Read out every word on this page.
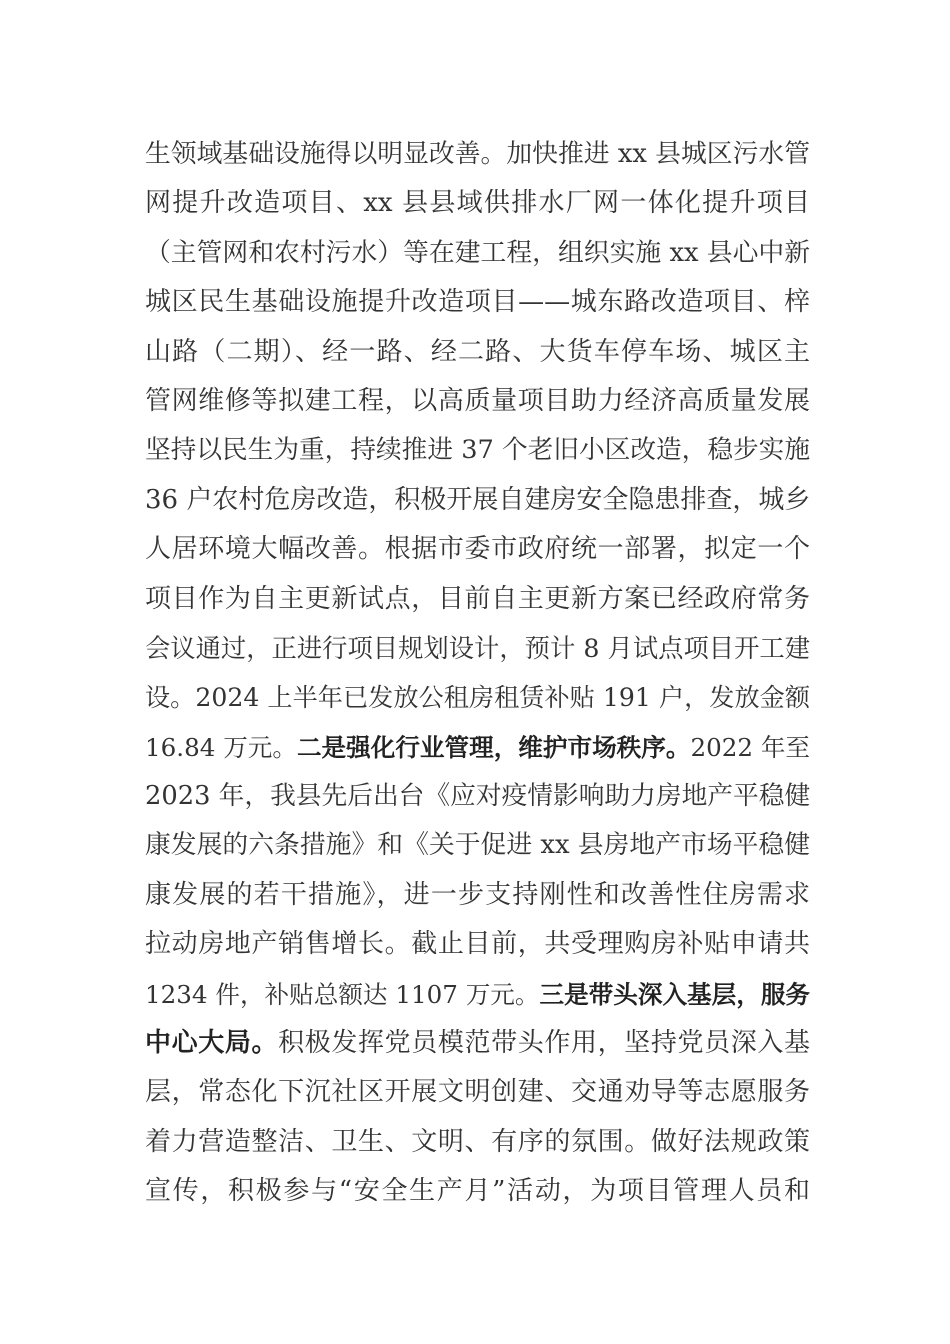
生领域基础设施得以明显改善。加快推进 xx 县城区污水管
网提升改造项目、xx 县县域供排水厂网一体化提升项目
（主管网和农村污水）等在建工程，组织实施 xx 县心中新
城区民生基础设施提升改造项目——城东路改造项目、梓
山路（二期）、经一路、经二路、大货车停车场、城区主
管网维修等拟建工程，以高质量项目助力经济高质量发展
坚持以民生为重，持续推进 37 个老旧小区改造，稳步实施
36 户农村危房改造，积极开展自建房安全隐患排查，城乡
人居环境大幅改善。根据市委市政府统一部署，拟定一个
项目作为自主更新试点，目前自主更新方案已经政府常务
会议通过，正进行项目规划设计，预计 8 月试点项目开工建
设。2024 上半年已发放公租房租赁补贴 191 户，发放金额
16.84 万元。二是强化行业管理，维护市场秩序。2022 年至
2023 年，我县先后出台《应对疫情影响助力房地产平稳健
康发展的六条措施》和《关于促进 xx 县房地产市场平稳健
康发展的若干措施》，进一步支持刚性和改善性住房需求
拉动房地产销售增长。截止目前，共受理购房补贴申请共
1234 件，补贴总额达 1107 万元。三是带头深入基层，服务
中心大局。积极发挥党员模范带头作用，坚持党员深入基
层，常态化下沉社区开展文明创建、交通劝导等志愿服务
着力营造整洁、卫生、文明、有序的氛围。做好法规政策
宣传，积极参与“安全生产月”活动，为项目管理人员和
